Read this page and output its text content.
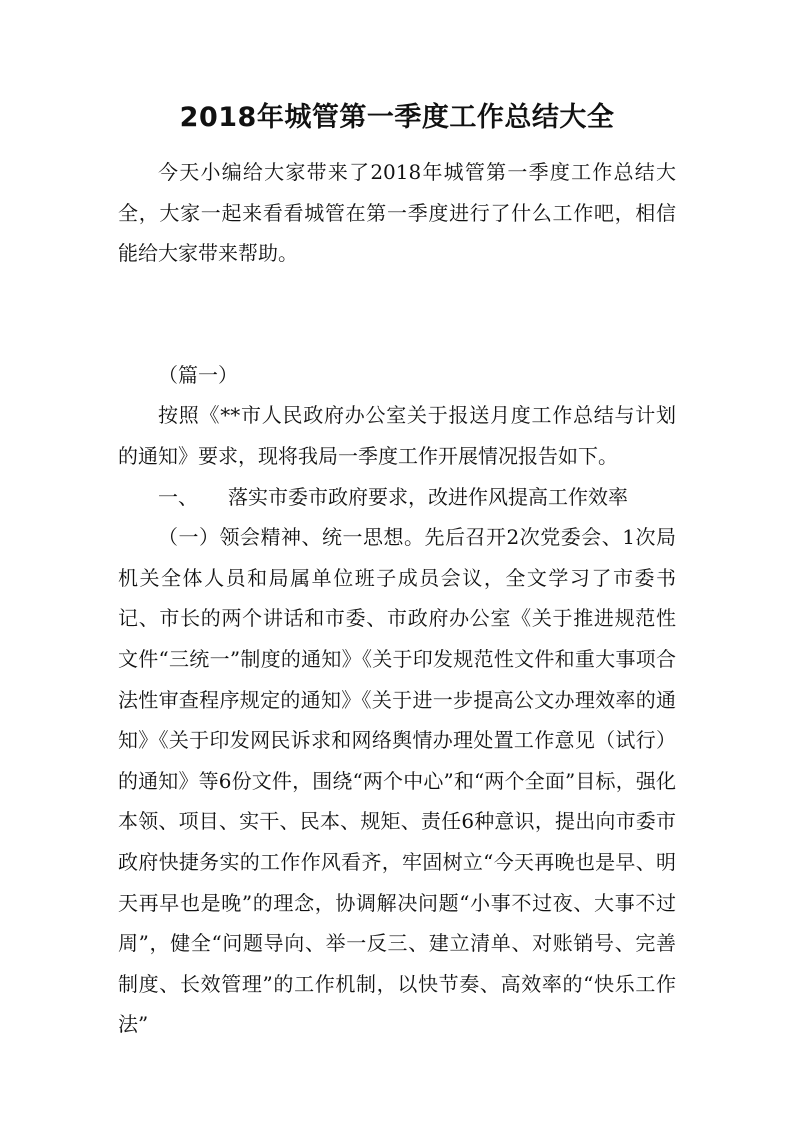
2018年城管第一季度工作总结大全

今天小编给大家带来了2018年城管第一季度工作总结大全，大家一起来看看城管在第一季度进行了什么工作吧，相信能给大家带来帮助。

（篇一）

按照《**市人民政府办公室关于报送月度工作总结与计划的通知》要求，现将我局一季度工作开展情况报告如下。

一、 落实市委市政府要求，改进作风提高工作效率

（一）领会精神、统一思想。先后召开2次党委会、1次局机关全体人员和局属单位班子成员会议，全文学习了市委书记、市长的两个讲话和市委、市政府办公室《关于推进规范性文件“三统一”制度的通知》《关于印发规范性文件和重大事项合法性审查程序规定的通知》《关于进一步提高公文办理效率的通知》《关于印发网民诉求和网络舆情办理处置工作意见（试行）的通知》等6份文件，围绕“两个中心”和“两个全面”目标，强化本领、项目、实干、民本、规矩、责任6种意识，提出向市委市政府快捷务实的工作作风看齐，牢固树立“今天再晚也是早、明天再早也是晚”的理念，协调解决问题“小事不过夜、大事不过周”，健全“问题导向、举一反三、建立清单、对账销号、完善制度、长效管理”的工作机制，以快节奏、高效率的“快乐工作法”
